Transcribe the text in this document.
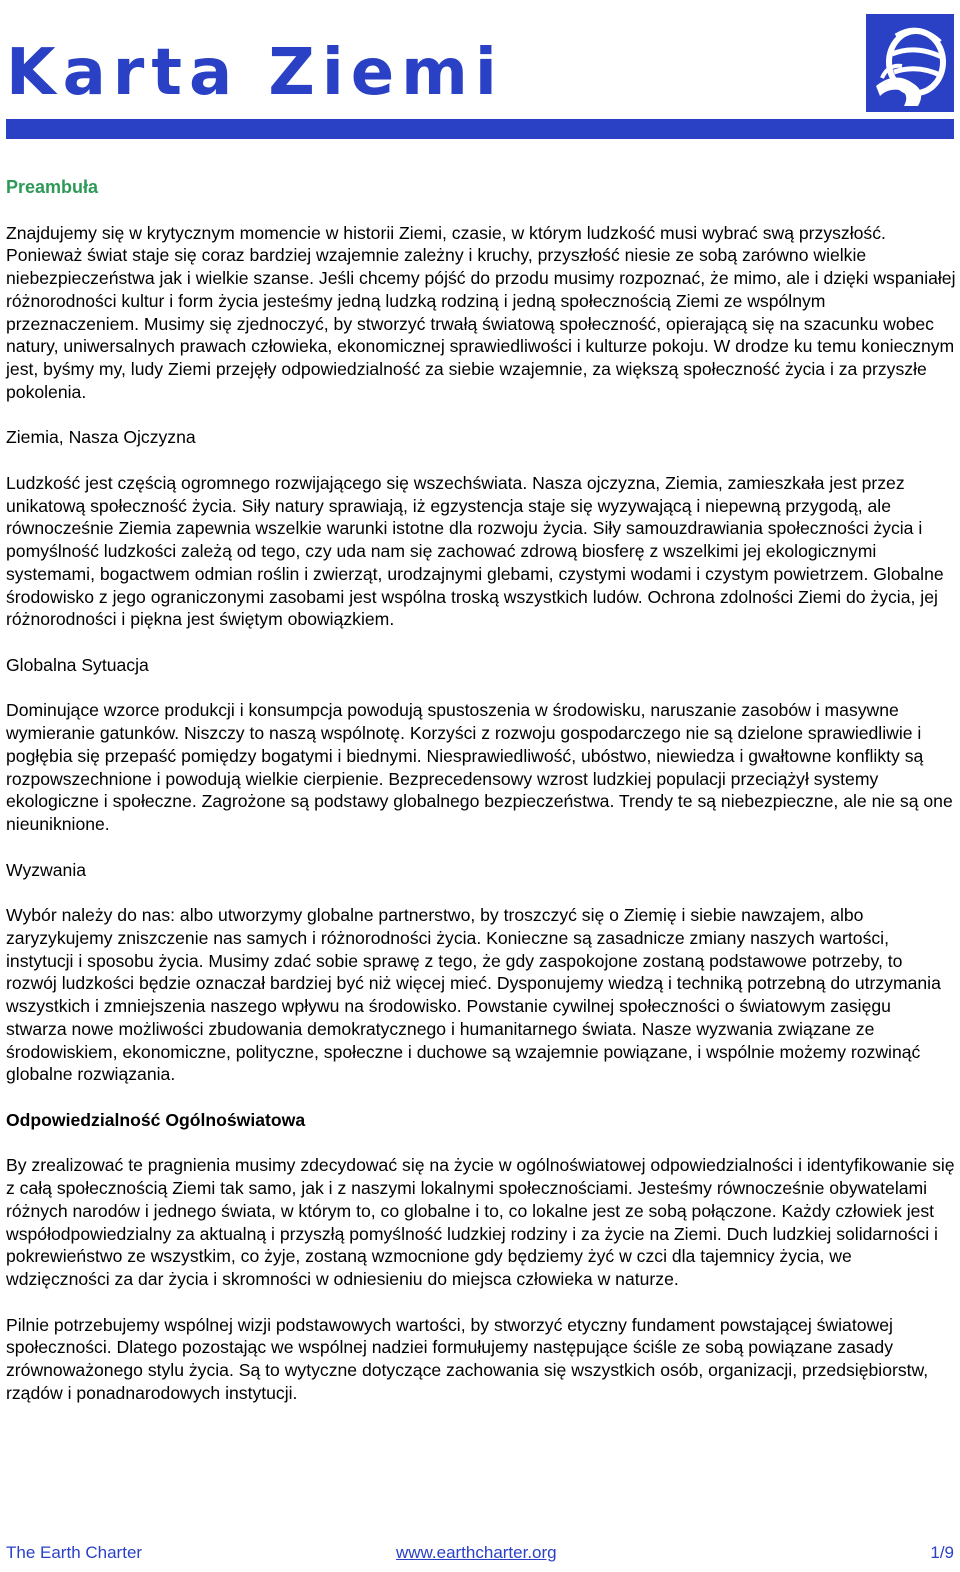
Karta Ziemi

Preambuła

Znajdujemy się w krytycznym momencie w historii Ziemi, czasie, w którym ludzkość musi wybrać swą przyszłość. Ponieważ świat staje się coraz bardziej wzajemnie zależny i kruchy, przyszłość niesie ze sobą zarówno wielkie niebezpieczeństwa jak i wielkie szanse. Jeśli chcemy pójść do przodu musimy rozpoznać, że mimo, ale i dzięki wspaniałej różnorodności kultur i form życia jesteśmy jedną ludzką rodziną i jedną społecznością Ziemi ze wspólnym przeznaczeniem. Musimy się zjednoczyć, by stworzyć trwałą światową społeczność, opierającą się na szacunku wobec natury, uniwersalnych prawach człowieka, ekonomicznej sprawiedliwości i kulturze pokoju. W drodze ku temu koniecznym jest, byśmy my, ludy Ziemi przejęły odpowiedzialność za siebie wzajemnie, za większą społeczność życia i za przyszłe pokolenia.

Ziemia, Nasza Ojczyzna

Ludzkość jest częścią ogromnego rozwijającego się wszechświata. Nasza ojczyzna, Ziemia, zamieszkała jest przez unikatową społeczność życia. Siły natury sprawiają, iż egzystencja staje się wyzywającą i niepewną przygodą, ale równocześnie Ziemia zapewnia wszelkie warunki istotne dla rozwoju życia. Siły samouzdrawiania społeczności życia i pomyślność ludzkości zależą od tego, czy uda nam się zachować zdrową biosferę z wszelkimi jej ekologicznymi systemami, bogactwem odmian roślin i zwierząt, urodzajnymi glebami, czystymi wodami i czystym powietrzem. Globalne środowisko z jego ograniczonymi zasobami jest wspólna troską wszystkich ludów. Ochrona zdolności Ziemi do życia, jej różnorodności i piękna jest świętym obowiązkiem.

Globalna Sytuacja

Dominujące wzorce produkcji i konsumpcja powodują spustoszenia w środowisku, naruszanie zasobów i masywne wymieranie gatunków. Niszczy to naszą wspólnotę. Korzyści z rozwoju gospodarczego nie są dzielone sprawiedliwie i pogłębia się przepaść pomiędzy bogatymi i biednymi. Niesprawiedliwość, ubóstwo, niewiedza i gwałtowne konflikty są rozpowszechnione i powodują wielkie cierpienie. Bezprecedensowy wzrost ludzkiej populacji przeciążył systemy ekologiczne i społeczne. Zagrożone są podstawy globalnego bezpieczeństwa. Trendy te są niebezpieczne, ale nie są one nieuniknione.

Wyzwania

Wybór należy do nas: albo utworzymy globalne partnerstwo, by troszczyć się o Ziemię i siebie nawzajem, albo zaryzykujemy zniszczenie nas samych i różnorodności życia. Konieczne są zasadnicze zmiany naszych wartości, instytucji i sposobu życia. Musimy zdać sobie sprawę z tego, że gdy zaspokojone zostaną podstawowe potrzeby, to rozwój ludzkości będzie oznaczał bardziej być niż więcej mieć. Dysponujemy wiedzą i techniką potrzebną do utrzymania wszystkich i zmniejszenia naszego wpływu na środowisko. Powstanie cywilnej społeczności o światowym zasięgu stwarza nowe możliwości zbudowania demokratycznego i humanitarnego świata. Nasze wyzwania związane ze środowiskiem, ekonomiczne, polityczne, społeczne i duchowe są wzajemnie powiązane, i wspólnie możemy rozwinąć globalne rozwiązania.

Odpowiedzialność Ogólnoświatowa

By zrealizować te pragnienia musimy zdecydować się na życie w ogólnoświatowej odpowiedzialności i identyfikowanie się z całą społecznością Ziemi tak samo, jak i z naszymi lokalnymi społecznościami. Jesteśmy równocześnie obywatelami różnych narodów i jednego świata, w którym to, co globalne i to, co lokalne jest ze sobą połączone. Każdy człowiek jest współodpowiedzialny za aktualną i przyszłą pomyślność ludzkiej rodziny i za życie na Ziemi. Duch ludzkiej solidarności i pokrewieństwo ze wszystkim, co żyje, zostaną wzmocnione gdy będziemy żyć w czci dla tajemnicy życia, we wdzięczności za dar życia i skromności w odniesieniu do miejsca człowieka w naturze.

Pilnie potrzebujemy wspólnej wizji podstawowych wartości, by stworzyć etyczny fundament powstającej światowej społeczności. Dlatego pozostając we wspólnej nadziei formułujemy następujące ściśle ze sobą powiązane zasady zrównoważonego stylu życia. Są to wytyczne dotyczące zachowania się wszystkich osób, organizacji, przedsiębiorstw, rządów i ponadnarodowych instytucji.

The Earth Charter	www.earthcharter.org	1/9
